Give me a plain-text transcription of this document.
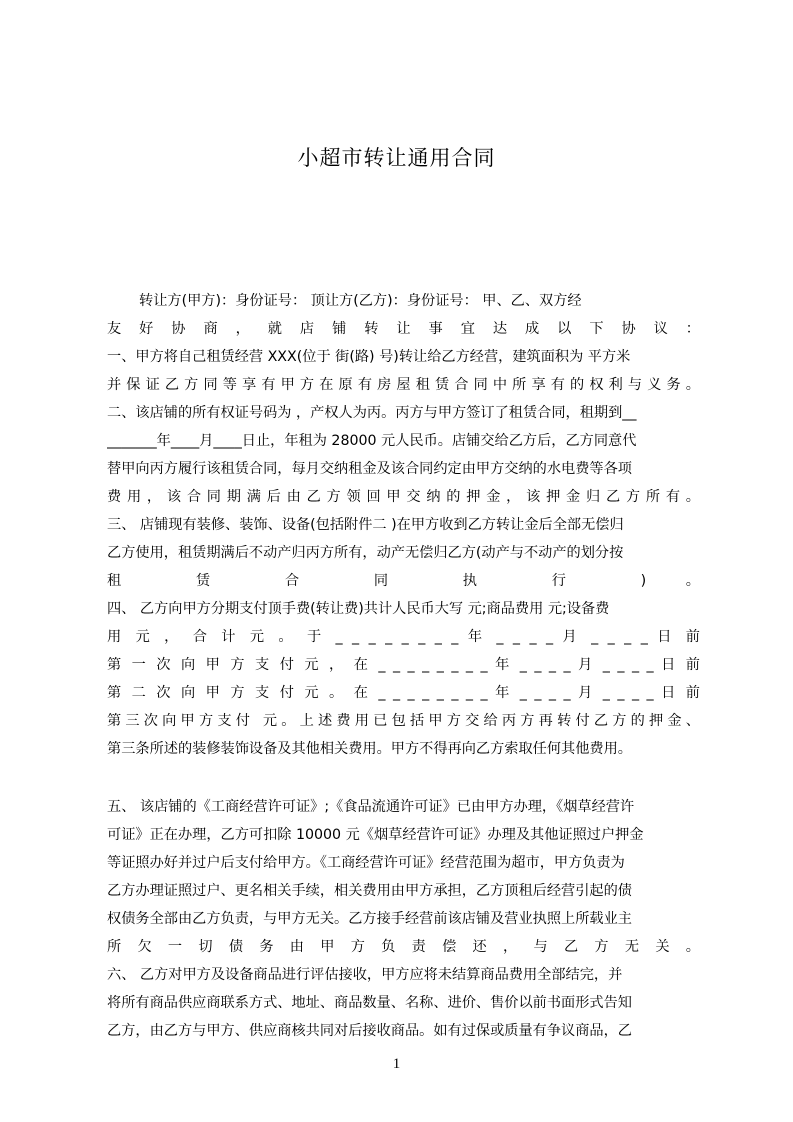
小超市转让通用合同
转让方(甲方)：身份证号： 顶让方(乙方)：身份证号： 甲、乙、双方经
友 好 协 商 ， 就 店 铺 转 让 事 宜 达 成 以 下 协 议 ：
一、甲方将自己租赁经营 XXX(位于 街(路) 号)转让给乙方经营，建筑面积为 平方米
并保证乙方同等享有甲方在原有房屋租赁合同中所享有的权利与义务。
二、该店铺的所有权证号码为 ，产权人为丙。丙方与甲方签订了租赁合同，租期到__
_______年____月____日止，年租为 28000 元人民币。店铺交给乙方后，乙方同意代
替甲向丙方履行该租赁合同，每月交纳租金及该合同约定由甲方交纳的水电费等各项
费用，该合同期满后由乙方领回甲交纳的押金，该押金归乙方所有。
三、 店铺现有装修、装饰、设备(包括附件二 )在甲方收到乙方转让金后全部无偿归
乙方使用，租赁期满后不动产归丙方所有，动产无偿归乙方(动产与不动产的划分按
租 赁 合 同 执 行 ) 。
四、 乙方向甲方分期支付顶手费(转让费)共计人民币大写 元;商品费用 元;设备费
用 元 ， 合 计 元 。 于 _ _ _ _ _ _ _ _ 年 _ _ _ _ 月 _ _ _ _ 日 前
第 一 次 向 甲 方 支 付 元 ， 在 _ _ _ _ _ _ _ _ 年 _ _ _ _ 月 _ _ _ _ 日 前
第 二 次 向 甲 方 支 付 元 。 在 _ _ _ _ _ _ _ _ 年 _ _ _ _ 月 _ _ _ _ 日 前
第三次向甲方支付 元。上述费用已包括甲方交给丙方再转付乙方的押金、
第三条所述的装修装饰设备及其他相关费用。甲方不得再向乙方索取任何其他费用。
五、 该店铺的《工商经营许可证》;《食品流通许可证》已由甲方办理，《烟草经营许
可证》正在办理，乙方可扣除 10000 元《烟草经营许可证》办理及其他证照过户押金
等证照办好并过户后支付给甲方。《工商经营许可证》经营范围为超市，甲方负责为
乙方办理证照过户、更名相关手续，相关费用由甲方承担，乙方顶租后经营引起的债
权债务全部由乙方负责，与甲方无关。乙方接手经营前该店铺及营业执照上所载业主
所 欠 一 切 债 务 由 甲 方 负 责 偿 还 ， 与 乙 方 无 关 。
六、 乙方对甲方及设备商品进行评估接收，甲方应将未结算商品费用全部结完，并
将所有商品供应商联系方式、地址、商品数量、名称、进价、售价以前书面形式告知
乙方，由乙方与甲方、供应商核共同对后接收商品。如有过保或质量有争议商品，乙
1
